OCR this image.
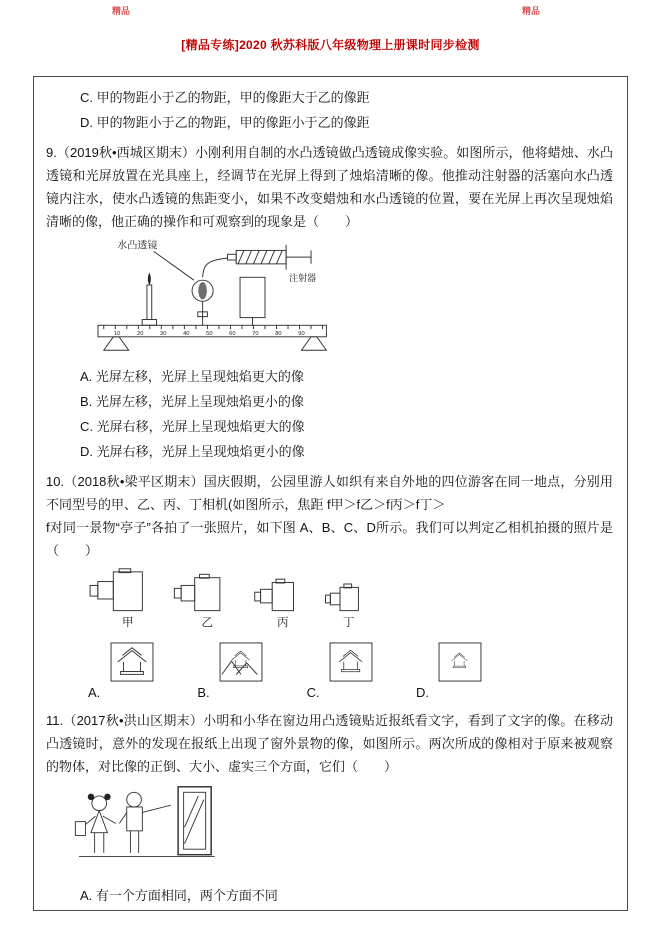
精品	精品
[精品专练]2020 秋苏科版八年级物理上册课时同步检测

C. 甲的物距小于乙的物距，甲的像距大于乙的像距

D. 甲的物距小于乙的物距，甲的像距小于乙的像距

9.（2019秋•西城区期末）小刚利用自制的水凸透镜做凸透镜成像实验。如图所示，他将蜡烛、水凸透镜和光屏放置在光具座上，经调节在光屏上得到了烛焰清晰的像。他推动注射器的活塞向水凸透镜内注水，使水凸透镜的焦距变小，如果不改变蜡烛和水凸透镜的位置，要在光屏上再次呈现烛焰清晰的像，他正确的操作和可观察到的现象是（　　）

水凸透镜
注射器
10	20	30	40	50	60	70	80	90

A. 光屏左移，光屏上呈现烛焰更大的像

B. 光屏左移，光屏上呈现烛焰更小的像

C. 光屏右移，光屏上呈现烛焰更大的像

D. 光屏右移，光屏上呈现烛焰更小的像

10.（2018秋•梁平区期末）国庆假期，公园里游人如织有来自外地的四位游客在同一地点，分别用不同型号的甲、乙、丙、丁相机(如图所示，焦距 f甲＞f乙＞f丙＞f丁＞

f对同一景物“亭子”各拍了一张照片，如下图 A、B、C、D所示。我们可以判定乙相机拍摄的照片是（　　）

甲	乙	丙	丁
A.	B.	C.	D.

11.（2017秋•洪山区期末）小明和小华在窗边用凸透镜贴近报纸看文字，看到了文字的像。在移动凸透镜时，意外的发现在报纸上出现了窗外景物的像，如图所示。两次所成的像相对于原来被观察的物体，对比像的正倒、大小、虚实三个方面，它们（　　）

A. 有一个方面相同，两个方面不同
